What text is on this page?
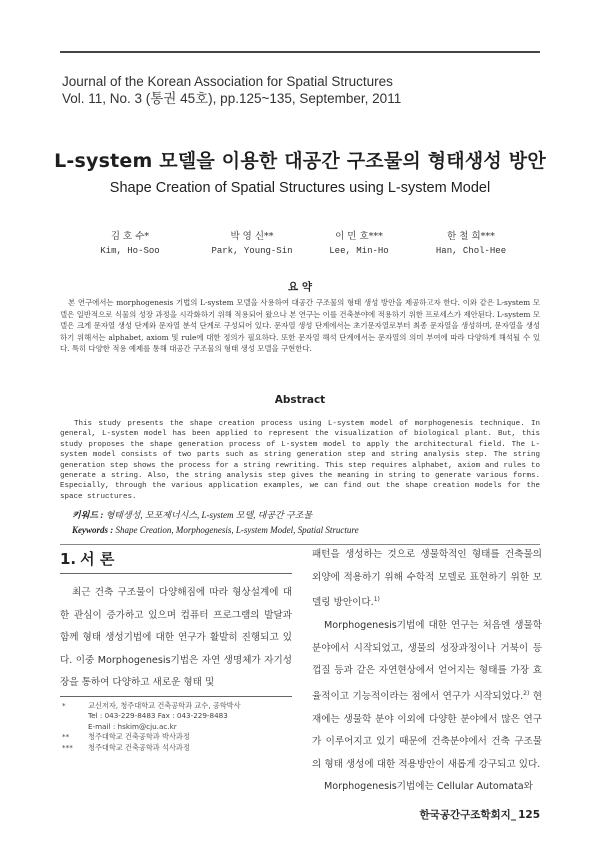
Journal of the Korean Association for Spatial Structures
Vol. 11, No. 3 (통권 45호), pp.125~135, September, 2011
L-system 모델을 이용한 대공간 구조물의 형태생성 방안
Shape Creation of Spatial Structures using L-system Model
김 호 수*
Kim, Ho-Soo
박 영 신**
Park, Young-Sin
이 민 호***
Lee, Min-Ho
한 철 희***
Han, Chol-Hee
요 약
본 연구에서는 morphogenesis 기법의 L-system 모델을 사용하여 대공간 구조물의 형태 생성 방안을 제공하고자 한다. 이와 같은 L-system 모델은 일반적으로 식물의 성장 과정을 시각화하기 위해 적용되어 왔으나 본 연구는 이를 건축분야에 적용하기 위한 프로세스가 제안된다. L-system 모델은 크게 문자열 생성 단계와 문자열 분석 단계로 구성되어 있다. 문자열 생성 단계에서는 초기문자열로부터 최종 문자열을 생성하며, 문자열을 생성하기 위해서는 alphabet, axiom 및 rule에 대한 정의가 필요하다. 또한 문자열 해석 단계에서는 문자열의 의미 부여에 따라 다양하게 해석될 수 있다. 특히 다양한 적용 예제를 통해 대공간 구조물의 형태 생성 모델을 구현한다.
Abstract
This study presents the shape creation process using L-system model of morphogenesis technique. In general, L-system model has been applied to represent the visualization of biological plant. But, this study proposes the shape generation process of L-system model to apply the architectural field. The L-system model consists of two parts such as string generation step and string analysis step. The string generation step shows the process for a string rewriting. This step requires alphabet, axiom and rules to generate a string. Also, the string analysis step gives the meaning in string to generate various forms. Especially, through the various application examples, we can find out the shape creation models for the space structures.
키워드 : 형태생성, 모포제너시스, L-system 모델, 대공간 구조물
Keywords : Shape Creation, Morphogenesis, L-system Model, Spatial Structure
1. 서 론

최근 건축 구조물이 다양해짐에 따라 형상설계에 대한 관심이 증가하고 있으며 컴퓨터 프로그램의 발달과 함께 형태 생성기법에 대한 연구가 활발히 진행되고 있다. 이중 Morphogenesis기법은 자연 생명체가 자기성장을 통하여 다양하고 새로운 형태 및

패턴을 생성하는 것으로 생물학적인 형태를 건축물의 외양에 적용하기 위해 수학적 모델로 표현하기 위한 모델링 방안이다.$^{1)}$

Morphogenesis기법에 대한 연구는 처음엔 생물학 분야에서 시작되었고, 생물의 성장과정이나 거북이 등껍질 등과 같은 자연현상에서 얻어지는 형태를 가장 효율적이고 기능적이라는 점에서 연구가 시작되었다.$^{2)}$ 현재에는 생물학 분야 이외에 다양한 분야에서 많은 연구가 이루어지고 있기 때문에 건축분야에서 건축 구조물의 형태 생성에 대한 적용방안이 새롭게 강구되고 있다.

Morphogenesis기법에는 Cellular Automata와

*	교신저자, 청주대학교 건축공학과 교수, 공학박사
Tel : 043-229-8483 Fax : 043-229-8483
E-mail : hskim@cju.ac.kr
**	청주대학교 건축공학과 박사과정
***	청주대학교 건축공학과 석사과정
한국공간구조학회지_ 125
